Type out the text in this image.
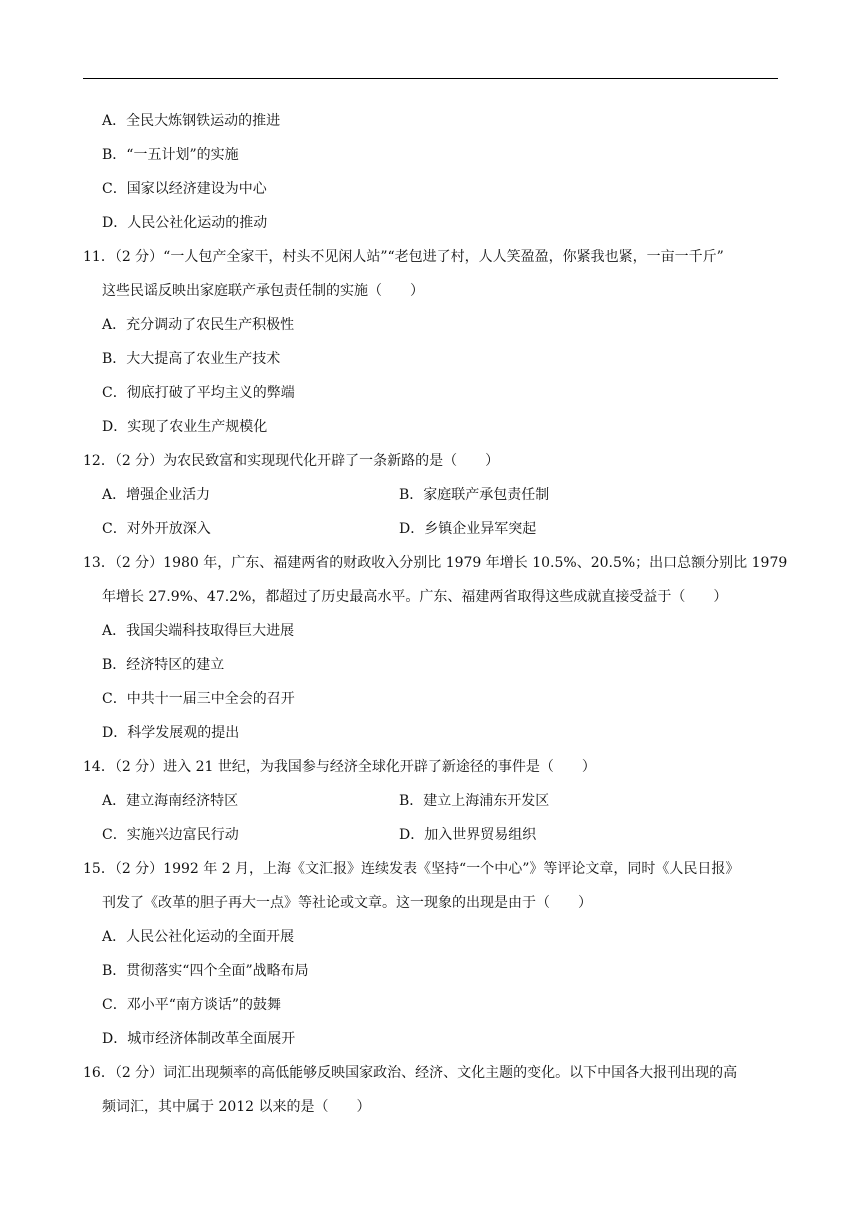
A．全民大炼钢铁运动的推进
B．“一五计划”的实施
C．国家以经济建设为中心
D．人民公社化运动的推动
11．（2 分）“一人包产全家干，村头不见闲人站”“老包进了村，人人笑盈盈，你紧我也紧，一亩一千斤”
这些民谣反映出家庭联产承包责任制的实施（　　）
A．充分调动了农民生产积极性
B．大大提高了农业生产技术
C．彻底打破了平均主义的弊端
D．实现了农业生产规模化
12．（2 分）为农民致富和实现现代化开辟了一条新路的是（　　）
A．增强企业活力	B．家庭联产承包责任制
C．对外开放深入	D．乡镇企业异军突起
13．（2 分）1980 年，广东、福建两省的财政收入分别比 1979 年增长 10.5%、20.5%；出口总额分别比 1979
年增长 27.9%、47.2%，都超过了历史最高水平。广东、福建两省取得这些成就直接受益于（　　）
A．我国尖端科技取得巨大进展
B．经济特区的建立
C．中共十一届三中全会的召开
D．科学发展观的提出
14．（2 分）进入 21 世纪，为我国参与经济全球化开辟了新途径的事件是（　　）
A．建立海南经济特区	B．建立上海浦东开发区
C．实施兴边富民行动	D．加入世界贸易组织
15．（2 分）1992 年 2 月，上海《文汇报》连续发表《坚持“一个中心”》等评论文章，同时《人民日报》
刊发了《改革的胆子再大一点》等社论或文章。这一现象的出现是由于（　　）
A．人民公社化运动的全面开展
B．贯彻落实“四个全面”战略布局
C．邓小平“南方谈话”的鼓舞
D．城市经济体制改革全面展开
16．（2 分）词汇出现频率的高低能够反映国家政治、经济、文化主题的变化。以下中国各大报刊出现的高
频词汇，其中属于 2012 以来的是（　　）
